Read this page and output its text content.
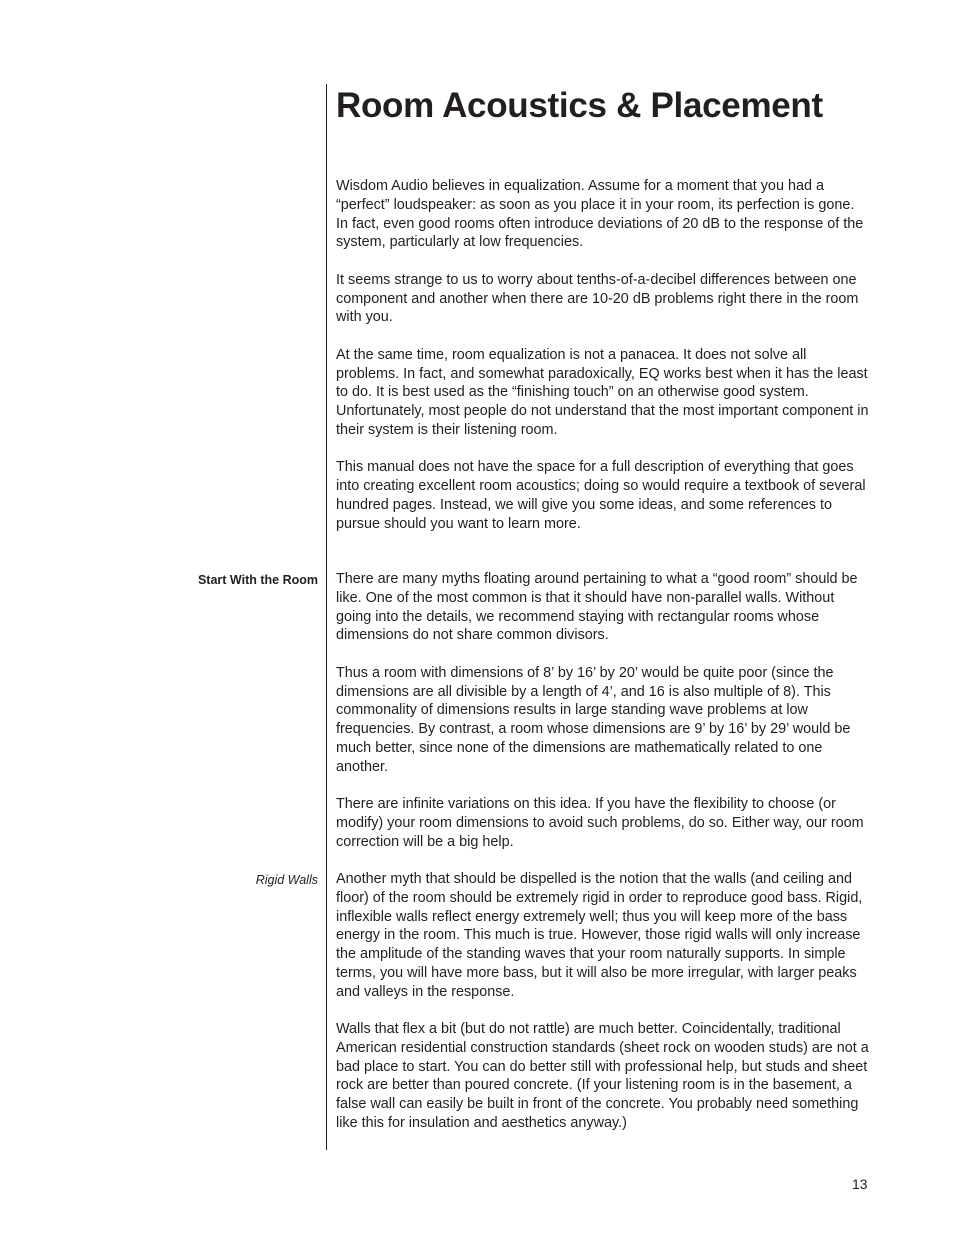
Room Acoustics & Placement

Wisdom Audio believes in equalization. Assume for a moment that you had a “perfect” loudspeaker: as soon as you place it in your room, its perfection is gone. In fact, even good rooms often introduce deviations of 20 dB to the response of the system, particularly at low frequencies.

It seems strange to us to worry about tenths-of-a-decibel differences between one component and another when there are 10-20 dB problems right there in the room with you.

At the same time, room equalization is not a panacea. It does not solve all problems. In fact, and somewhat paradoxically, EQ works best when it has the least to do. It is best used as the “finishing touch” on an otherwise good system. Unfortunately, most people do not understand that the most important component in their system is their listening room.

This manual does not have the space for a full description of everything that goes into creating excellent room acoustics; doing so would require a textbook of several hundred pages. Instead, we will give you some ideas, and some references to pursue should you want to learn more.

Start With the Room There are many myths floating around pertaining to what a “good room” should be like. One of the most common is that it should have non-parallel walls. Without going into the details, we recommend staying with rectangular rooms whose dimensions do not share common divisors.

Thus a room with dimensions of 8’ by 16’ by 20’ would be quite poor (since the dimensions are all divisible by a length of 4’, and 16 is also multiple of 8). This commonality of dimensions results in large standing wave problems at low frequencies. By contrast, a room whose dimensions are 9’ by 16’ by 29’ would be much better, since none of the dimensions are mathematically related to one another.

There are infinite variations on this idea. If you have the flexibility to choose (or modify) your room dimensions to avoid such problems, do so. Either way, our room correction will be a big help.

Rigid Walls Another myth that should be dispelled is the notion that the walls (and ceiling and floor) of the room should be extremely rigid in order to reproduce good bass. Rigid, inflexible walls reflect energy extremely well; thus you will keep more of the bass energy in the room. This much is true. However, those rigid walls will only increase the amplitude of the standing waves that your room naturally supports. In simple terms, you will have more bass, but it will also be more irregular, with larger peaks and valleys in the response.

Walls that flex a bit (but do not rattle) are much better. Coincidentally, traditional American residential construction standards (sheet rock on wooden studs) are not a bad place to start. You can do better still with professional help, but studs and sheet rock are better than poured concrete. (If your listening room is in the basement, a false wall can easily be built in front of the concrete. You probably need something like this for insulation and aesthetics anyway.)

13
